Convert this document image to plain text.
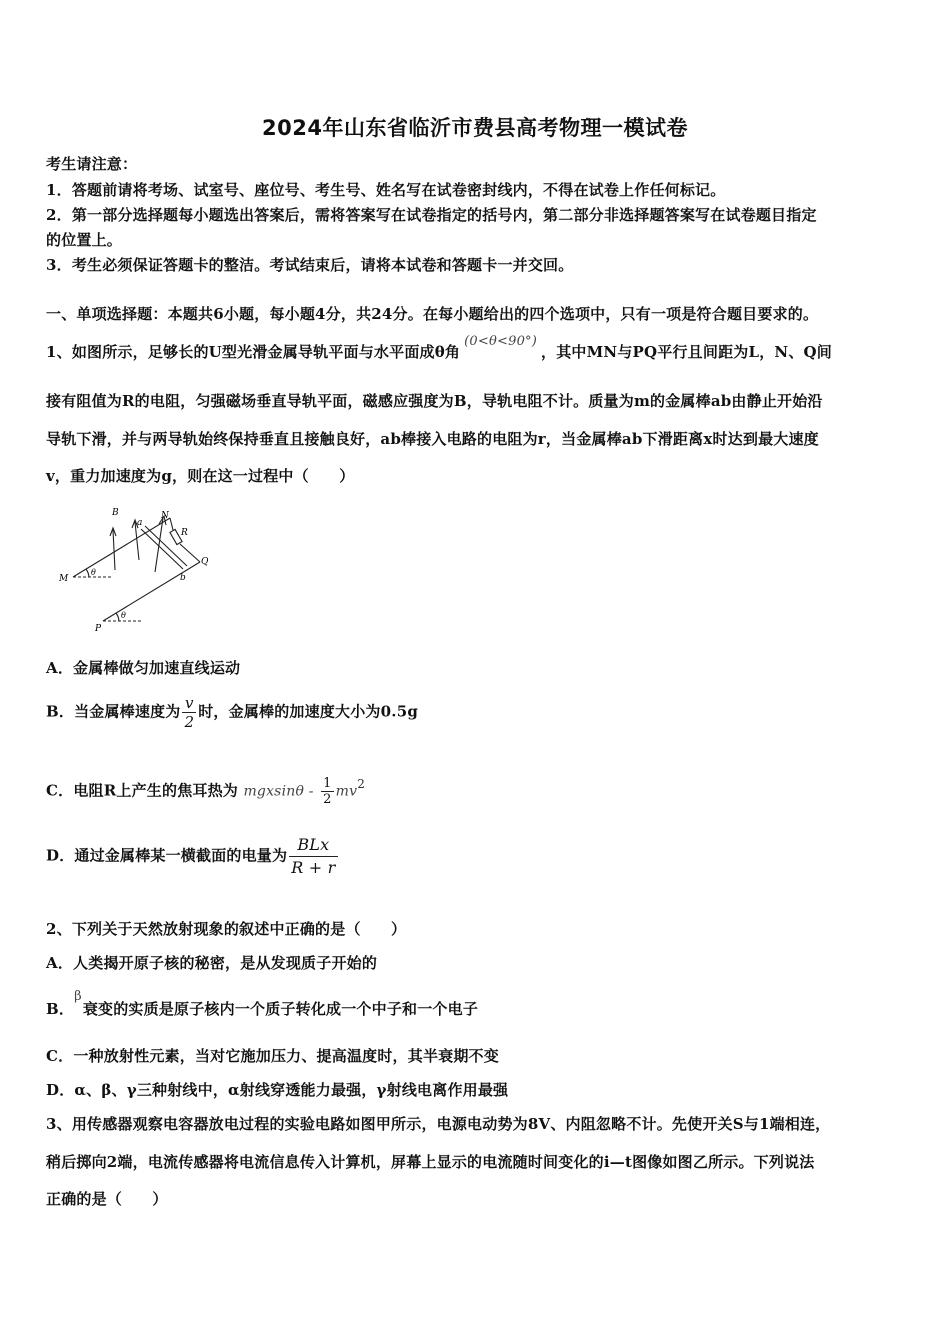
2024年山东省临沂市费县高考物理一模试卷
考生请注意：
1．答题前请将考场、试室号、座位号、考生号、姓名写在试卷密封线内，不得在试卷上作任何标记。
2．第一部分选择题每小题选出答案后，需将答案写在试卷指定的括号内，第二部分非选择题答案写在试卷题目指定
的位置上。
3．考生必须保证答题卡的整洁。考试结束后，请将本试卷和答题卡一并交回。
一、单项选择题：本题共6小题，每小题4分，共24分。在每小题给出的四个选项中，只有一项是符合题目要求的。
1、如图所示，足够长的U型光滑金属导轨平面与水平面成θ角(0<θ<90°)，其中MN与PQ平行且间距为L，N、Q间
接有阻值为R的电阻，匀强磁场垂直导轨平面，磁感应强度为B，导轨电阻不计。质量为m的金属棒ab由静止开始沿
导轨下滑，并与两导轨始终保持垂直且接触良好，ab棒接入电路的电阻为r，当金属棒ab下滑距离x时达到最大速度
v，重力加速度为g，则在这一过程中（　　）
B
a
N
R
Q
b
M
P
θ
θ
A．金属棒做匀加速直线运动
B．当金属棒速度为 $\frac{v}{2}$ 时，金属棒的加速度大小为0.5g
C．电阻R上产生的焦耳热为 mgxsinθ - $\frac{1}{2} mv^2$
D．通过金属棒某一横截面的电量为 $\frac{\text{BLx}}{R + r}$
2、下列关于天然放射现象的叙述中正确的是（　　）
A．人类揭开原子核的秘密，是从发现质子开始的
B．β衰变的实质是原子核内一个质子转化成一个中子和一个电子
C．一种放射性元素，当对它施加压力、提高温度时，其半衰期不变
D．α、β、γ三种射线中，α射线穿透能力最强，γ射线电离作用最强
3、用传感器观察电容器放电过程的实验电路如图甲所示，电源电动势为8V、内阻忽略不计。先使开关S与1端相连，
稍后掷向2端，电流传感器将电流信息传入计算机，屏幕上显示的电流随时间变化的i—t图像如图乙所示。下列说法
正确的是（　　）
